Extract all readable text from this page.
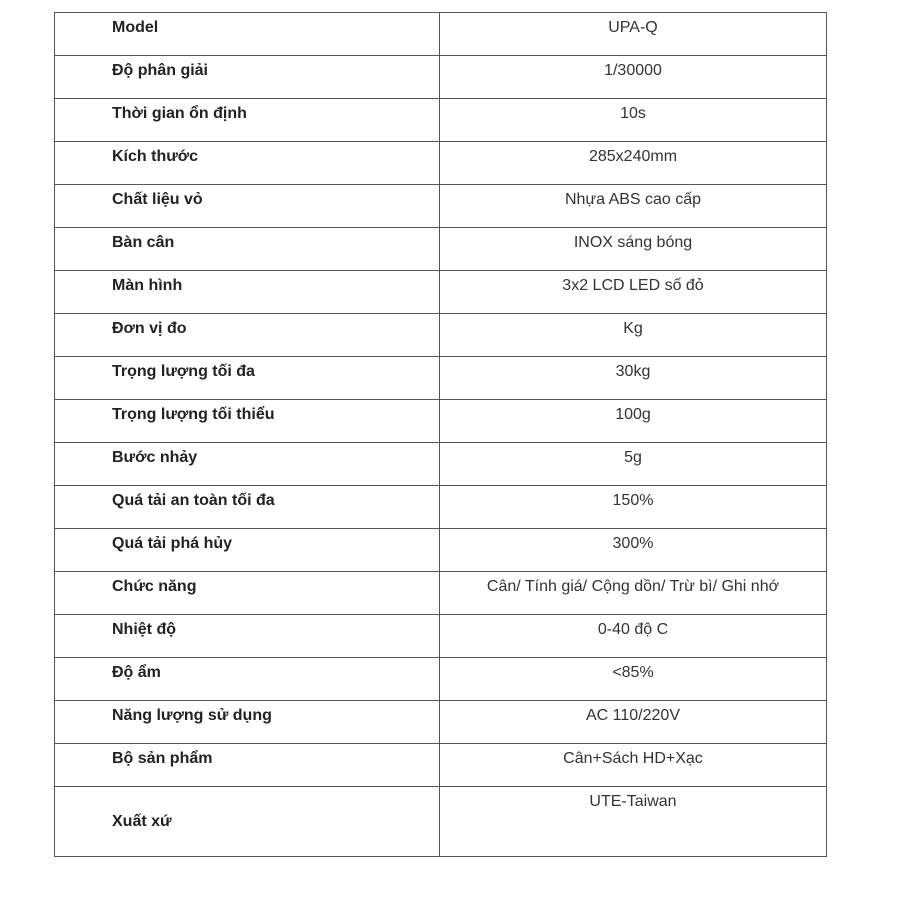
Model	UPA-Q
Độ phân giải	1/30000
Thời gian ổn định	10s
Kích thước	285x240mm
Chất liệu vỏ	Nhựa ABS cao cấp
Bàn cân	INOX sáng bóng
Màn hình	3x2 LCD LED số đỏ
Đơn vị đo	Kg
Trọng lượng tối đa	30kg
Trọng lượng tối thiểu	100g
Bước nhảy	5g
Quá tải an toàn tối đa	150%
Quá tải phá hủy	300%
Chức năng	Cân/ Tính giá/ Cộng dồn/ Trừ bì/ Ghi nhớ
Nhiệt độ	0-40 độ C
Độ ẩm	<85%
Năng lượng sử dụng	AC 110/220V
Bộ sản phẩm	Cân+Sách HD+Xạc
Xuất xứ	UTE-Taiwan
